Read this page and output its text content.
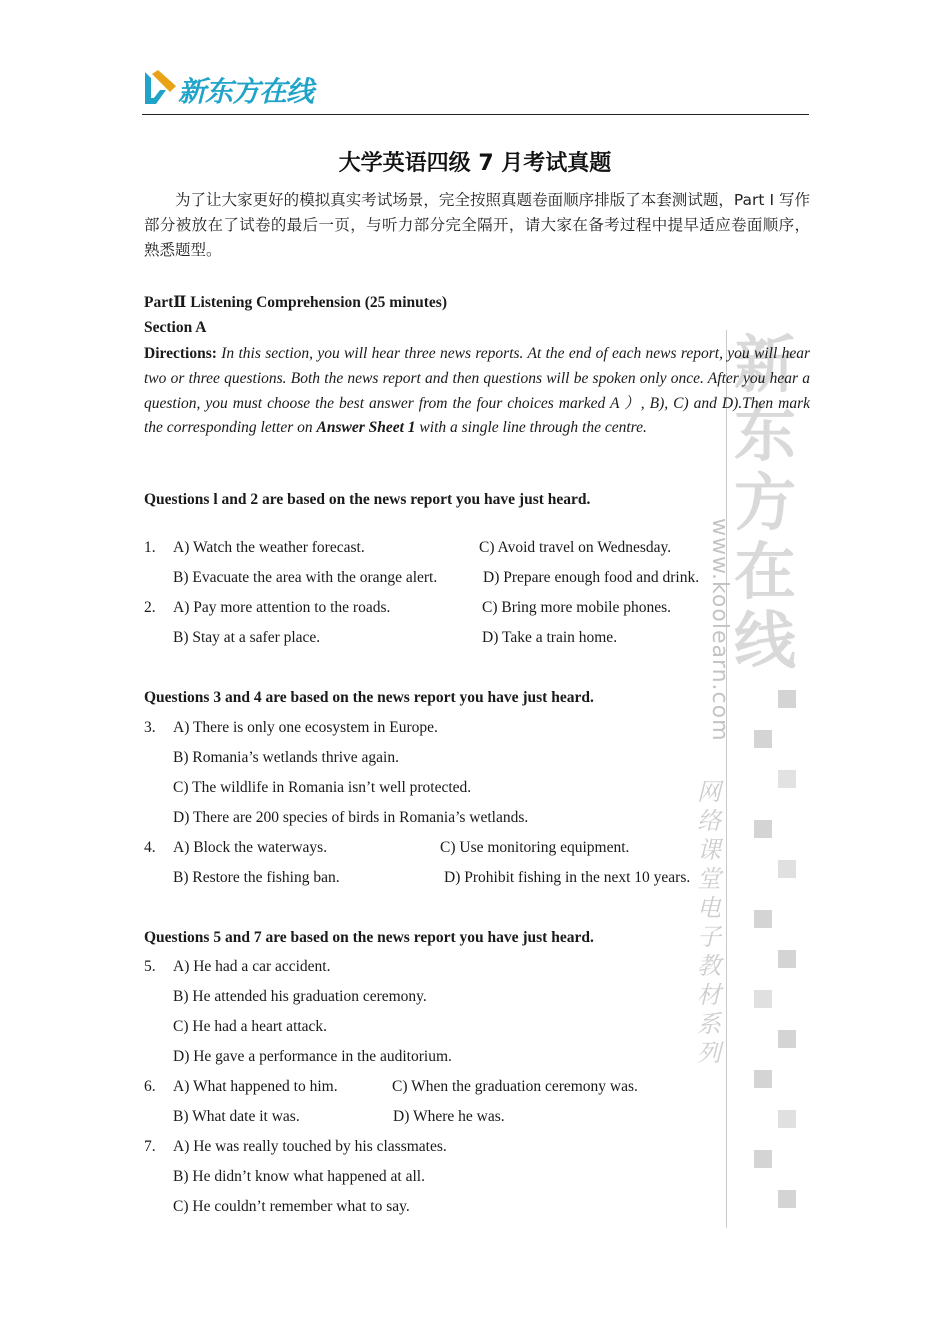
新东方在线
新
东
方
在
线
www.koolearn.com
网
络
课
堂
电
子
教
材
系
列
大学英语四级 7 月考试真题
为了让大家更好的模拟真实考试场景，完全按照真题卷面顺序排版了本套测试题，Part I 写作部分被放在了试卷的最后一页，与听力部分完全隔开，请大家在备考过程中提早适应卷面顺序，熟悉题型。
PartⅡ Listening Comprehension (25 minutes)
Section A
Directions: In this section, you will hear three news reports. At the end of each news report, you will hear two or three questions. Both the news report and then questions will be spoken only once. After you hear a question, you must choose the best answer from the four choices marked A ）, B), C) and D).Then mark the corresponding letter on Answer Sheet 1 with a single line through the centre.
Questions l and 2 are based on the news report you have just heard.
1. A) Watch the weather forecast.	C) Avoid travel on Wednesday.
B) Evacuate the area with the orange alert.	D) Prepare enough food and drink.
2. A) Pay more attention to the roads.	C) Bring more mobile phones.
B) Stay at a safer place.	D) Take a train home.
Questions 3 and 4 are based on the news report you have just heard.
3. A) There is only one ecosystem in Europe.
B) Romania’s wetlands thrive again.
C) The wildlife in Romania isn’t well protected.
D) There are 200 species of birds in Romania’s wetlands.
4. A) Block the waterways.	C) Use monitoring equipment.
B) Restore the fishing ban.	D) Prohibit fishing in the next 10 years.
Questions 5 and 7 are based on the news report you have just heard.
5. A) He had a car accident.
B) He attended his graduation ceremony.
C) He had a heart attack.
D) He gave a performance in the auditorium.
6. A) What happened to him.	C) When the graduation ceremony was.
B) What date it was.	D) Where he was.
7. A) He was really touched by his classmates.
B) He didn’t know what happened at all.
C) He couldn’t remember what to say.
